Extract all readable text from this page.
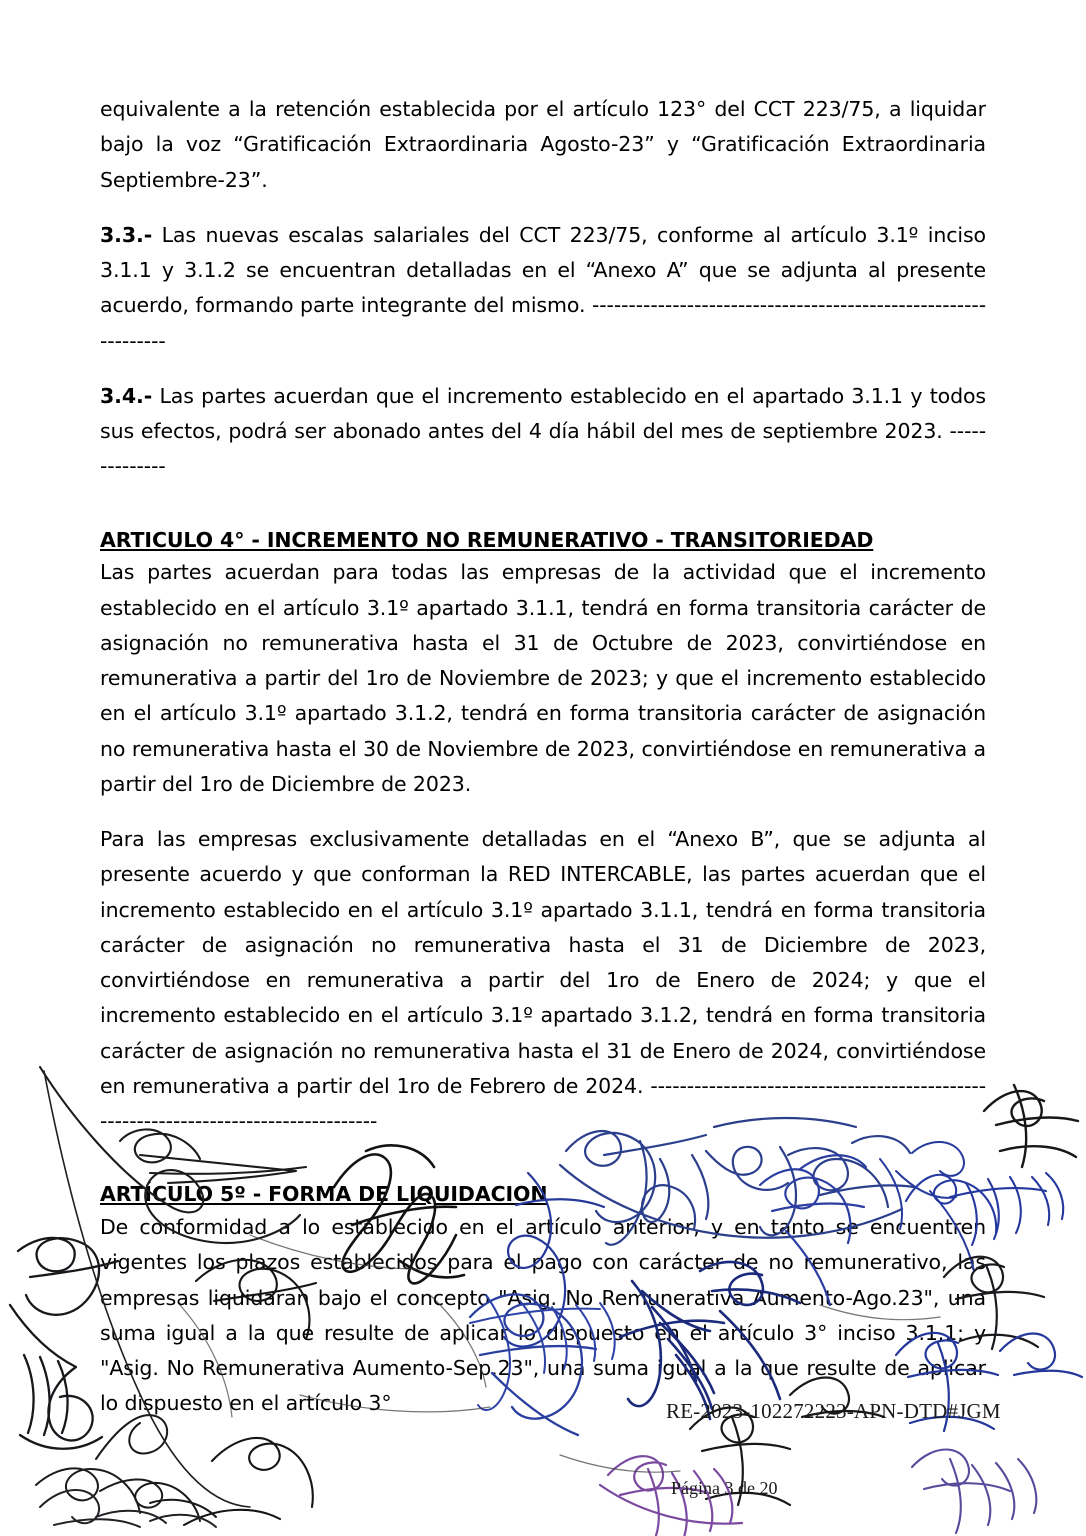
equivalente a la retención establecida por el artículo 123° del CCT 223/75, a liquidar bajo la voz “Gratificación Extraordinaria Agosto-23” y “Gratificación Extraordinaria Septiembre-23”.

3.3.- Las nuevas escalas salariales del CCT 223/75, conforme al artículo 3.1º inciso 3.1.1 y 3.1.2 se encuentran detalladas en el “Anexo A” que se adjunta al presente acuerdo, formando parte integrante del mismo. ---------------------------------------------------------------

3.4.- Las partes acuerdan que el incremento establecido en el apartado 3.1.1 y todos sus efectos, podrá ser abonado antes del 4 día hábil del mes de septiembre 2023. --------------

ARTICULO 4° - INCREMENTO NO REMUNERATIVO - TRANSITORIEDAD

Las partes acuerdan para todas las empresas de la actividad que el incremento establecido en el artículo 3.1º apartado 3.1.1, tendrá en forma transitoria carácter de asignación no remunerativa hasta el 31 de Octubre de 2023, convirtiéndose en remunerativa a partir del 1ro de Noviembre de 2023; y que el incremento establecido en el artículo 3.1º apartado 3.1.2, tendrá en forma transitoria carácter de asignación no remunerativa hasta el 30 de Noviembre de 2023, convirtiéndose en remunerativa a partir del 1ro de Diciembre de 2023.

Para las empresas exclusivamente detalladas en el “Anexo B”, que se adjunta al presente acuerdo y que conforman la RED INTERCABLE, las partes acuerdan que el incremento establecido en el artículo 3.1º apartado 3.1.1, tendrá en forma transitoria carácter de asignación no remunerativa hasta el 31 de Diciembre de 2023, convirtiéndose en remunerativa a partir del 1ro de Enero de 2024; y que el incremento establecido en el artículo 3.1º apartado 3.1.2, tendrá en forma transitoria carácter de asignación no remunerativa hasta el 31 de Enero de 2024, convirtiéndose en remunerativa a partir del 1ro de Febrero de 2024. ------------------------------------------------------------------------------------

ARTÍCULO 5º - FORMA DE LIQUIDACION

De conformidad a lo establecido en el artículo anterior, y en tanto se encuentren vigentes los plazos establecidos para el pago con carácter de no remunerativo, las empresas liquidaran bajo el concepto "Asig. No Remunerativa Aumento-Ago.23", una suma igual a la que resulte de aplicar lo dispuesto en el artículo 3° inciso 3.1.1; y "Asig. No Remunerativa Aumento-Sep.23", una suma igual a la que resulte de aplicar lo dispuesto en el artículo 3°	RE-2023-102272223-APN-DTD#JGM
Página 3 de 20
